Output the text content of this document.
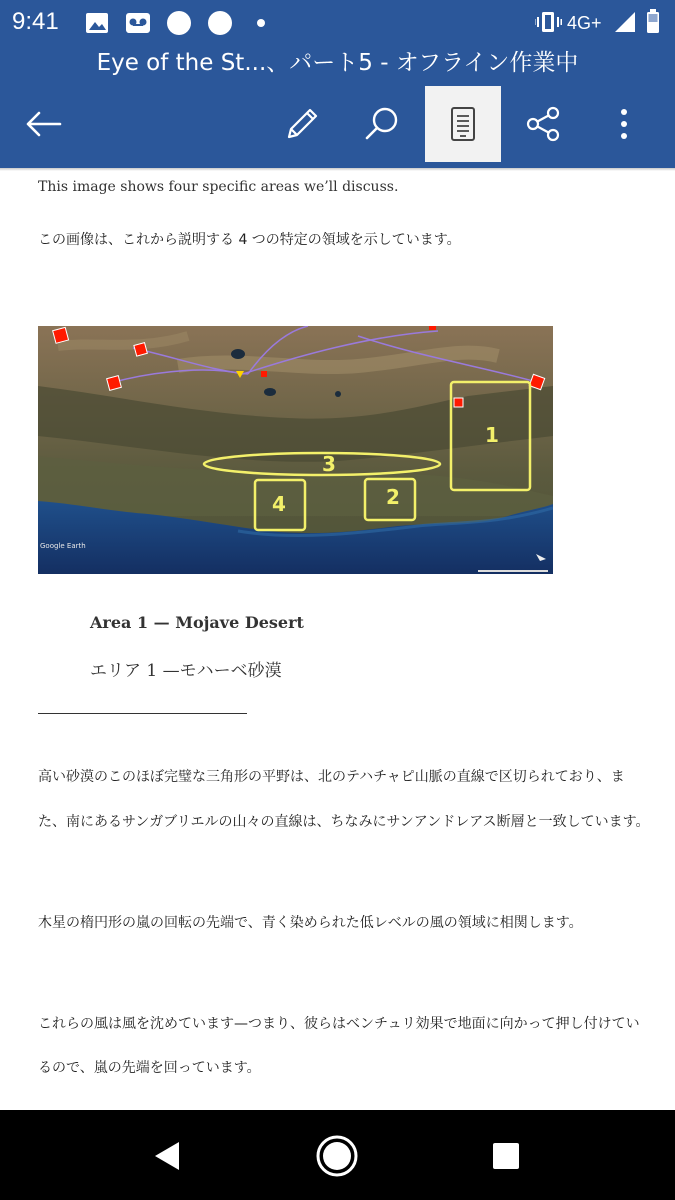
9:41	4G+
Eye of the St...、パート5 - オフライン作業中
This image shows four specific areas we’ll discuss.
この画像は、これから説明する 4 つの特定の領域を示しています。
1
2
3
4
Google Earth
Area 1 — Mojave Desert
エリア 1 —モハーベ砂漠
高い砂漠のこのほぼ完璧な三角形の平野は、北のテハチャピ山脈の直線で区切られており、ま
た、南にあるサンガブリエルの山々の直線は、ちなみにサンアンドレアス断層と一致しています。
木星の楕円形の嵐の回転の先端で、青く染められた低レベルの風の領域に相関します。
これらの風は風を沈めています—つまり、彼らはベンチュリ効果で地面に向かって押し付けてい
るので、嵐の先端を回っています。
